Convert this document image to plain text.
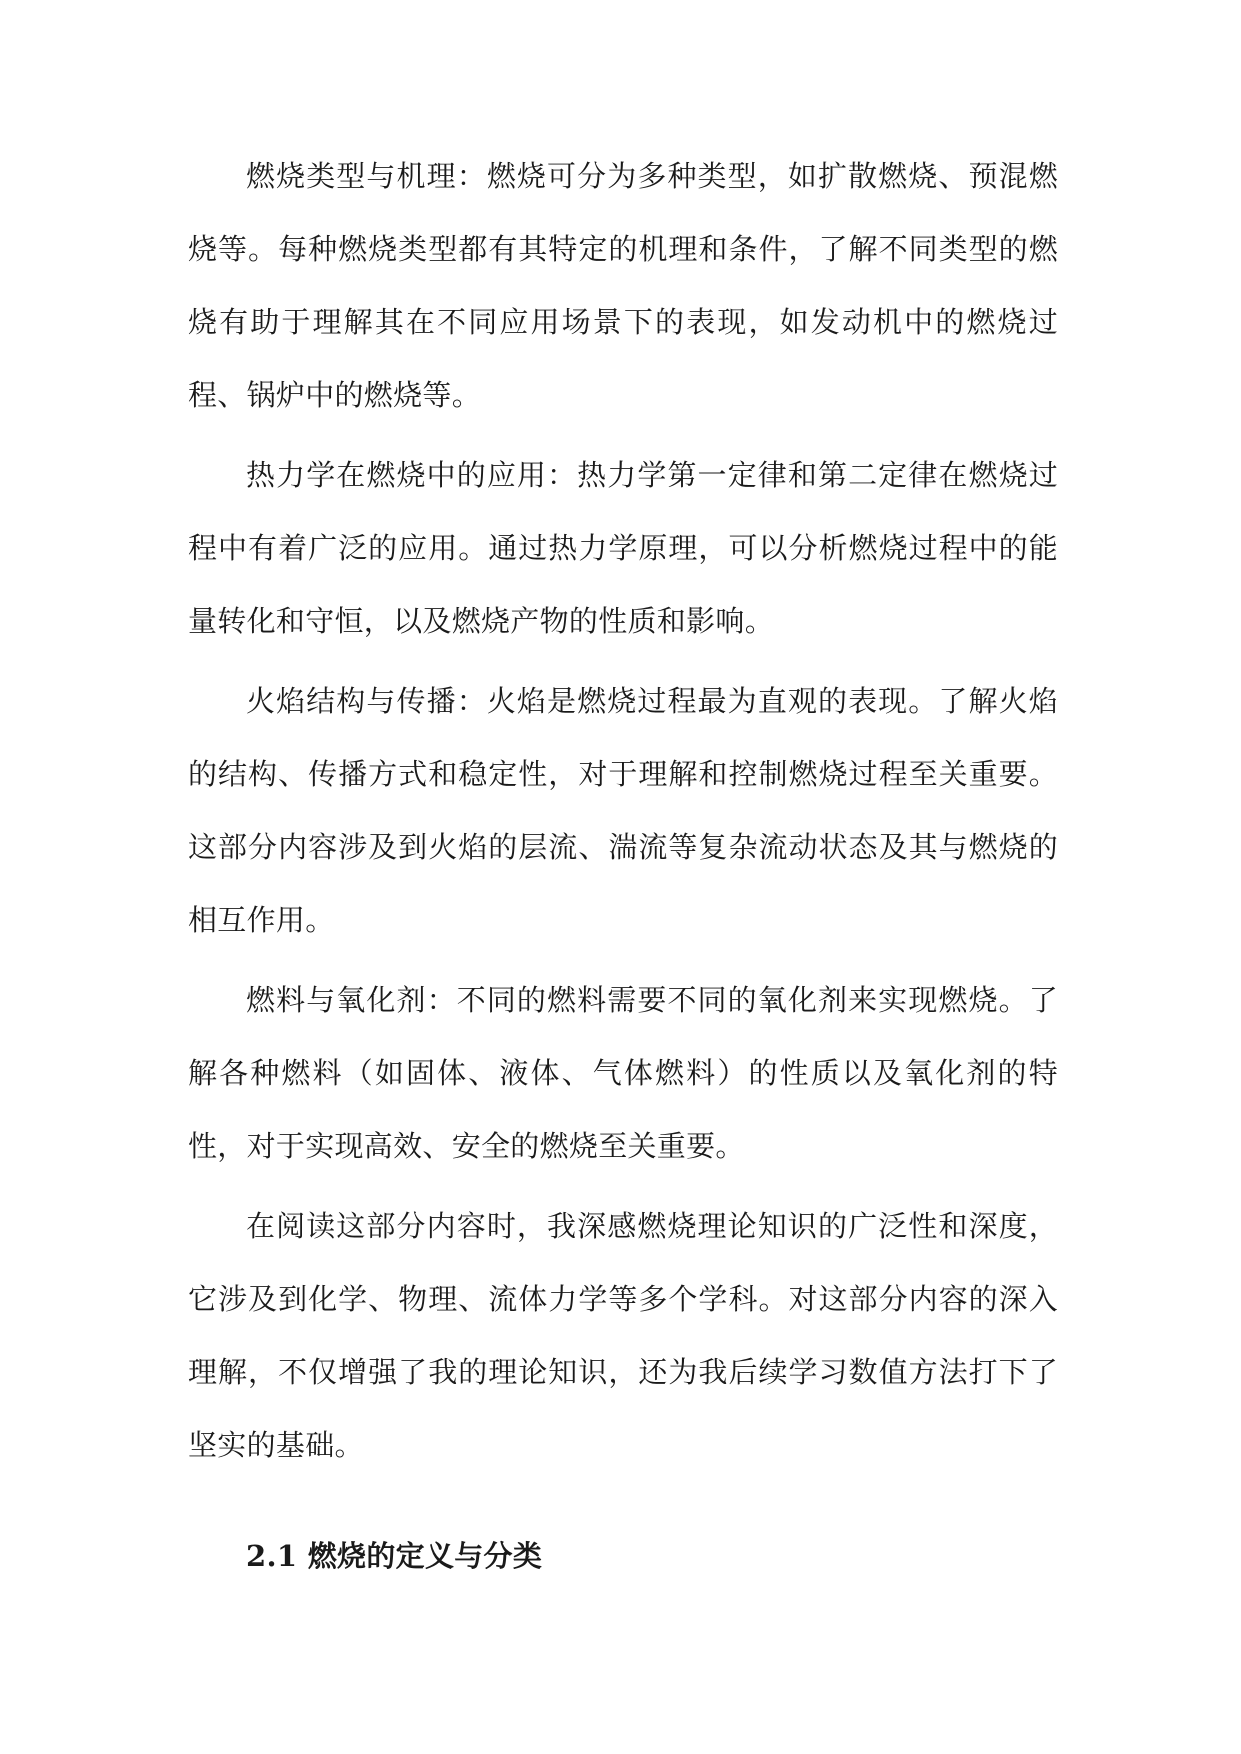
燃烧类型与机理：燃烧可分为多种类型，如扩散燃烧、预混燃烧等。每种燃烧类型都有其特定的机理和条件，了解不同类型的燃烧有助于理解其在不同应用场景下的表现，如发动机中的燃烧过程、锅炉中的燃烧等。

热力学在燃烧中的应用：热力学第一定律和第二定律在燃烧过程中有着广泛的应用。通过热力学原理，可以分析燃烧过程中的能量转化和守恒，以及燃烧产物的性质和影响。

火焰结构与传播：火焰是燃烧过程最为直观的表现。了解火焰的结构、传播方式和稳定性，对于理解和控制燃烧过程至关重要。这部分内容涉及到火焰的层流、湍流等复杂流动状态及其与燃烧的相互作用。

燃料与氧化剂：不同的燃料需要不同的氧化剂来实现燃烧。了解各种燃料（如固体、液体、气体燃料）的性质以及氧化剂的特性，对于实现高效、安全的燃烧至关重要。

在阅读这部分内容时，我深感燃烧理论知识的广泛性和深度，它涉及到化学、物理、流体力学等多个学科。对这部分内容的深入理解，不仅增强了我的理论知识，还为我后续学习数值方法打下了坚实的基础。

2.1 燃烧的定义与分类
